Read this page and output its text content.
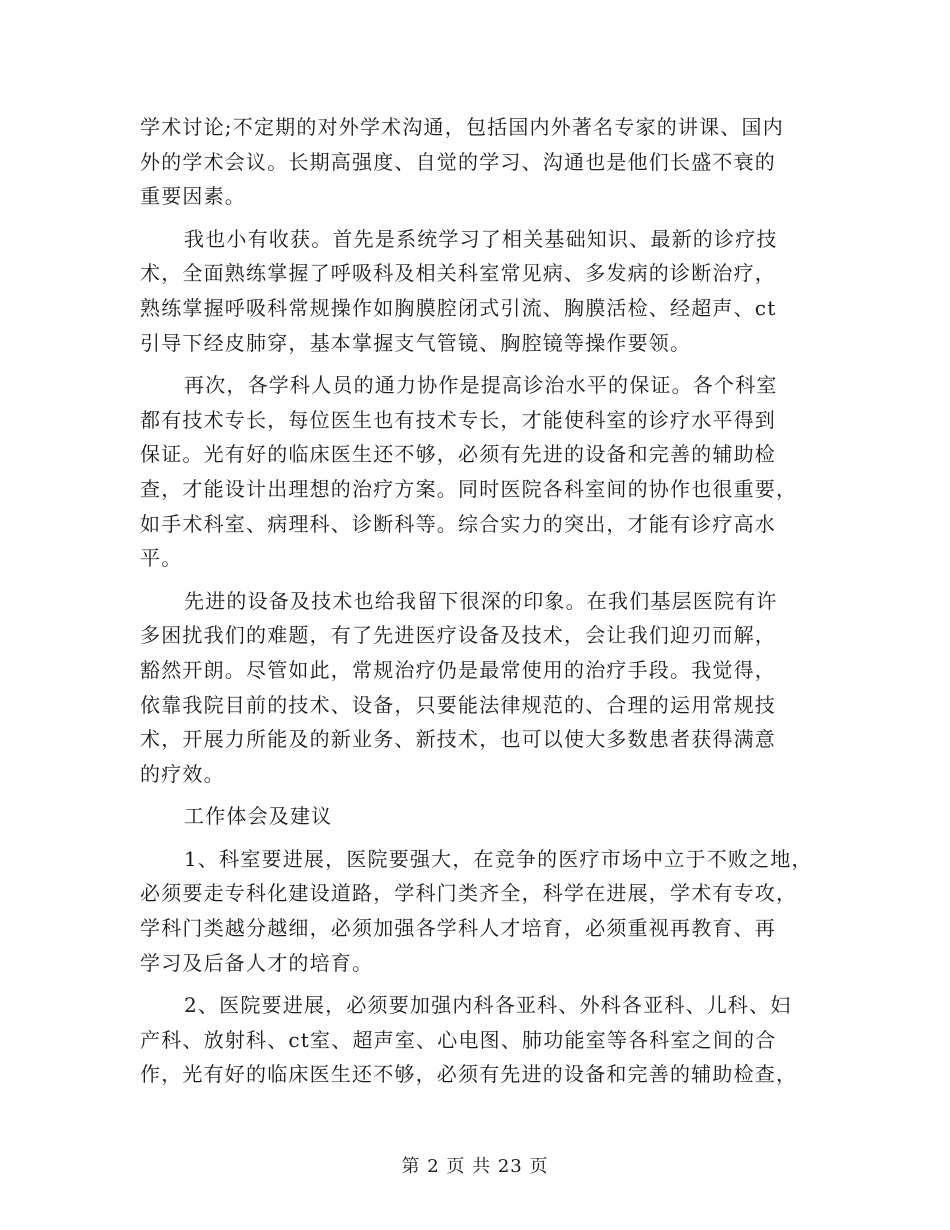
学术讨论;不定期的对外学术沟通，包括国内外著名专家的讲课、国内
外的学术会议。长期高强度、自觉的学习、沟通也是他们长盛不衰的
重要因素。
我也小有收获。首先是系统学习了相关基础知识、最新的诊疗技
术，全面熟练掌握了呼吸科及相关科室常见病、多发病的诊断治疗，
熟练掌握呼吸科常规操作如胸膜腔闭式引流、胸膜活检、经超声、ct
引导下经皮肺穿，基本掌握支气管镜、胸腔镜等操作要领。
再次，各学科人员的通力协作是提高诊治水平的保证。各个科室
都有技术专长，每位医生也有技术专长，才能使科室的诊疗水平得到
保证。光有好的临床医生还不够，必须有先进的设备和完善的辅助检
查，才能设计出理想的治疗方案。同时医院各科室间的协作也很重要，
如手术科室、病理科、诊断科等。综合实力的突出，才能有诊疗高水
平。
先进的设备及技术也给我留下很深的印象。在我们基层医院有许
多困扰我们的难题，有了先进医疗设备及技术，会让我们迎刃而解，
豁然开朗。尽管如此，常规治疗仍是最常使用的治疗手段。我觉得，
依靠我院目前的技术、设备，只要能法律规范的、合理的运用常规技
术，开展力所能及的新业务、新技术，也可以使大多数患者获得满意
的疗效。
工作体会及建议
1、科室要进展，医院要强大，在竞争的医疗市场中立于不败之地，
必须要走专科化建设道路，学科门类齐全，科学在进展，学术有专攻，
学科门类越分越细，必须加强各学科人才培育，必须重视再教育、再
学习及后备人才的培育。
2、医院要进展，必须要加强内科各亚科、外科各亚科、儿科、妇
产科、放射科、ct室、超声室、心电图、肺功能室等各科室之间的合
作，光有好的临床医生还不够，必须有先进的设备和完善的辅助检查，
第 2 页 共 23 页
